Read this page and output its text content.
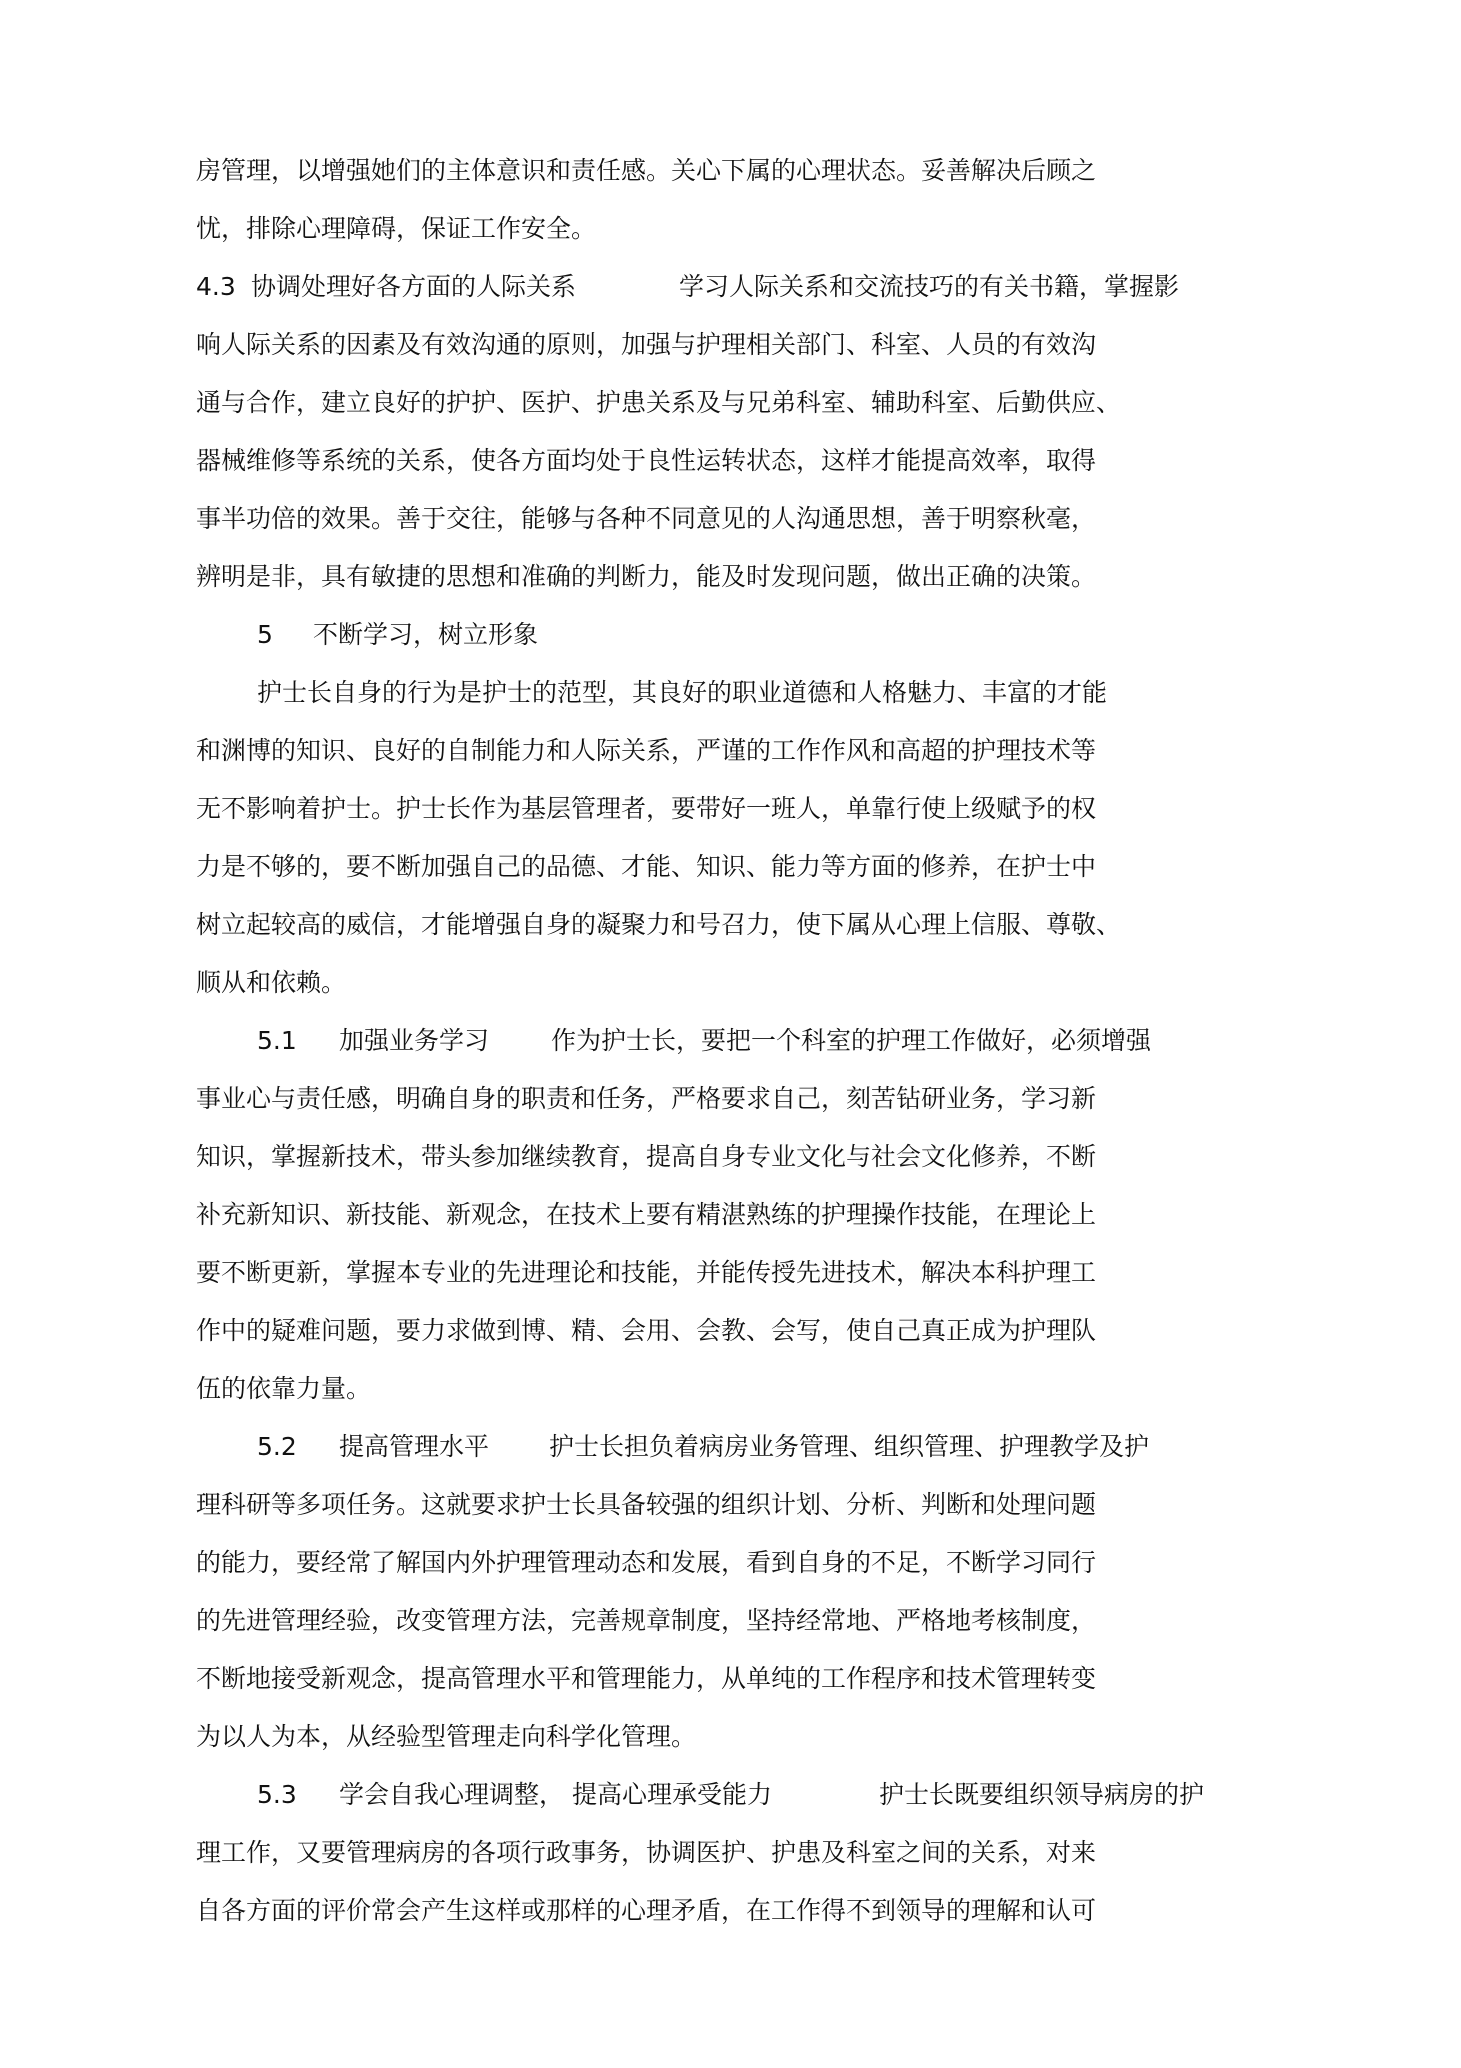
房管理，以增强她们的主体意识和责任感。关心下属的心理状态。妥善解决后顾之

忧，排除心理障碍，保证工作安全。

4.3 协调处理好各方面的人际关系	学习人际关系和交流技巧的有关书籍，掌握影

响人际关系的因素及有效沟通的原则，加强与护理相关部门、科室、人员的有效沟

通与合作，建立良好的护护、医护、护患关系及与兄弟科室、辅助科室、后勤供应、

器械维修等系统的关系，使各方面均处于良性运转状态，这样才能提高效率，取得

事半功倍的效果。善于交往，能够与各种不同意见的人沟通思想，善于明察秋毫，

辨明是非，具有敏捷的思想和准确的判断力，能及时发现问题，做出正确的决策。

5 不断学习，树立形象

护士长自身的行为是护士的范型，其良好的职业道德和人格魅力、丰富的才能

和渊博的知识、良好的自制能力和人际关系，严谨的工作作风和高超的护理技术等

无不影响着护士。护士长作为基层管理者，要带好一班人，单靠行使上级赋予的权

力是不够的，要不断加强自己的品德、才能、知识、能力等方面的修养，在护士中

树立起较高的威信，才能增强自身的凝聚力和号召力，使下属从心理上信服、尊敬、

顺从和依赖。

5.1 加强业务学习 作为护士长，要把一个科室的护理工作做好，必须增强

事业心与责任感，明确自身的职责和任务，严格要求自己，刻苦钻研业务，学习新

知识，掌握新技术，带头参加继续教育，提高自身专业文化与社会文化修养，不断

补充新知识、新技能、新观念，在技术上要有精湛熟练的护理操作技能，在理论上

要不断更新，掌握本专业的先进理论和技能，并能传授先进技术，解决本科护理工

作中的疑难问题，要力求做到博、精、会用、会教、会写，使自己真正成为护理队

伍的依靠力量。

5.2 提高管理水平 护士长担负着病房业务管理、组织管理、护理教学及护

理科研等多项任务。这就要求护士长具备较强的组织计划、分析、判断和处理问题

的能力，要经常了解国内外护理管理动态和发展，看到自身的不足，不断学习同行

的先进管理经验，改变管理方法，完善规章制度，坚持经常地、严格地考核制度，

不断地接受新观念，提高管理水平和管理能力，从单纯的工作程序和技术管理转变

为以人为本，从经验型管理走向科学化管理。

5.3 学会自我心理调整， 提高心理承受能力	护士长既要组织领导病房的护

理工作，又要管理病房的各项行政事务，协调医护、护患及科室之间的关系，对来

自各方面的评价常会产生这样或那样的心理矛盾，在工作得不到领导的理解和认可
